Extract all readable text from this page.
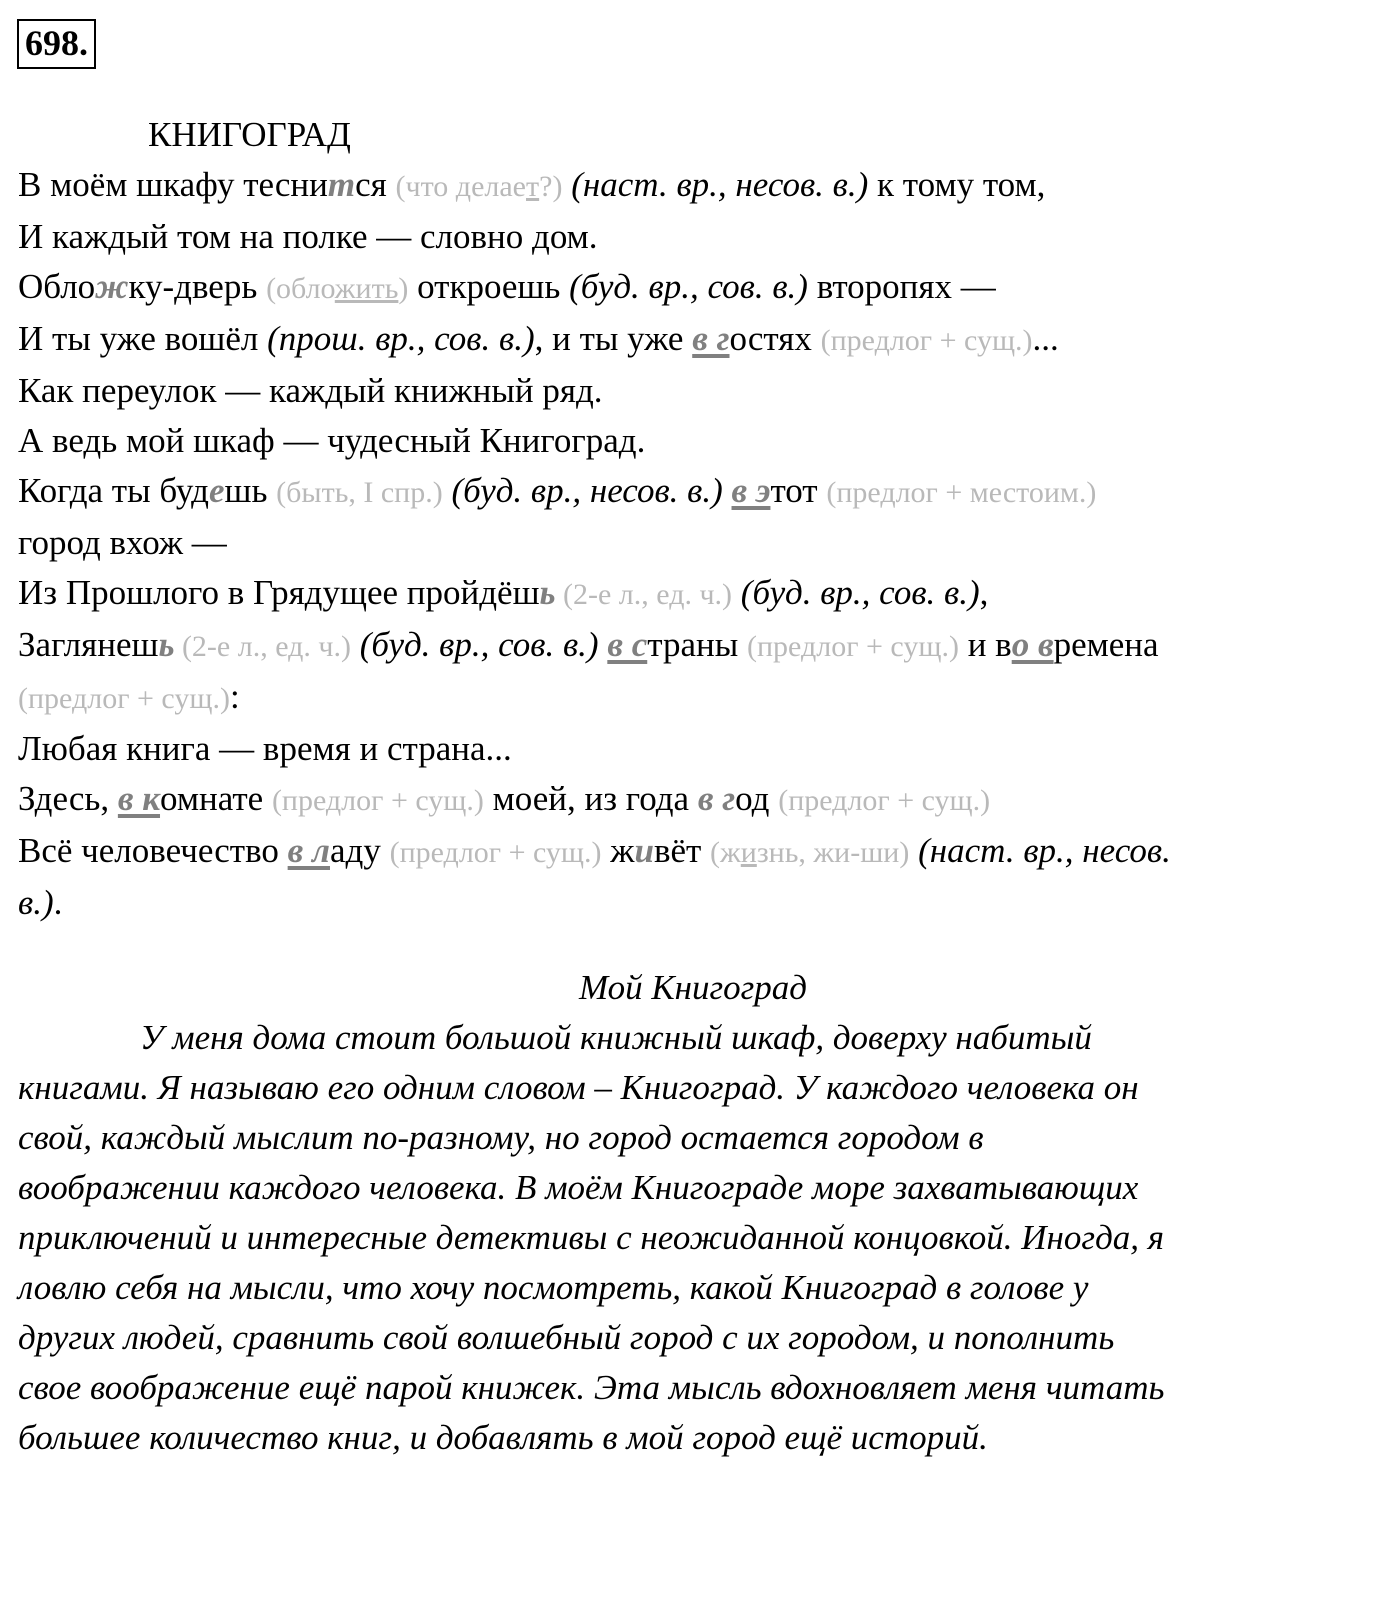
698.
КНИГОГРАД
В моём шкафу теснится (что делает?) (наст. вр., несов. в.) к тому том,
И каждый том на полке — словно дом.
Обложку-дверь (обложить) откроешь (буд. вр., сов. в.) второпях —
И ты уже вошёл (прош. вр., сов. в.), и ты уже в гостях (предлог + сущ.)...
Как переулок — каждый книжный ряд.
А ведь мой шкаф — чудесный Книгоград.
Когда ты будешь (быть, I спр.) (буд. вр., несов. в.) в этот (предлог + местоим.)
город вхож —
Из Прошлого в Грядущее пройдёшь (2-е л., ед. ч.) (буд. вр., сов. в.),
Заглянешь (2-е л., ед. ч.) (буд. вр., сов. в.) в страны (предлог + сущ.) и во времена
(предлог + сущ.):
Любая книга — время и страна...
Здесь, в комнате (предлог + сущ.) моей, из года в год (предлог + сущ.)
Всё человечество в ладу (предлог + сущ.) живёт (жизнь, жи-ши) (наст. вр., несов.
в.).
Мой Книгоград
У меня дома стоит большой книжный шкаф, доверху набитый
книгами. Я называю его одним словом – Книгоград. У каждого человека он
свой, каждый мыслит по-разному, но город остается городом в
воображении каждого человека. В моём Книгограде море захватывающих
приключений и интересные детективы с неожиданной концовкой. Иногда, я
ловлю себя на мысли, что хочу посмотреть, какой Книгоград в голове у
других людей, сравнить свой волшебный город с их городом, и пополнить
свое воображение ещё парой книжек. Эта мысль вдохновляет меня читать
большее количество книг, и добавлять в мой город ещё историй.
